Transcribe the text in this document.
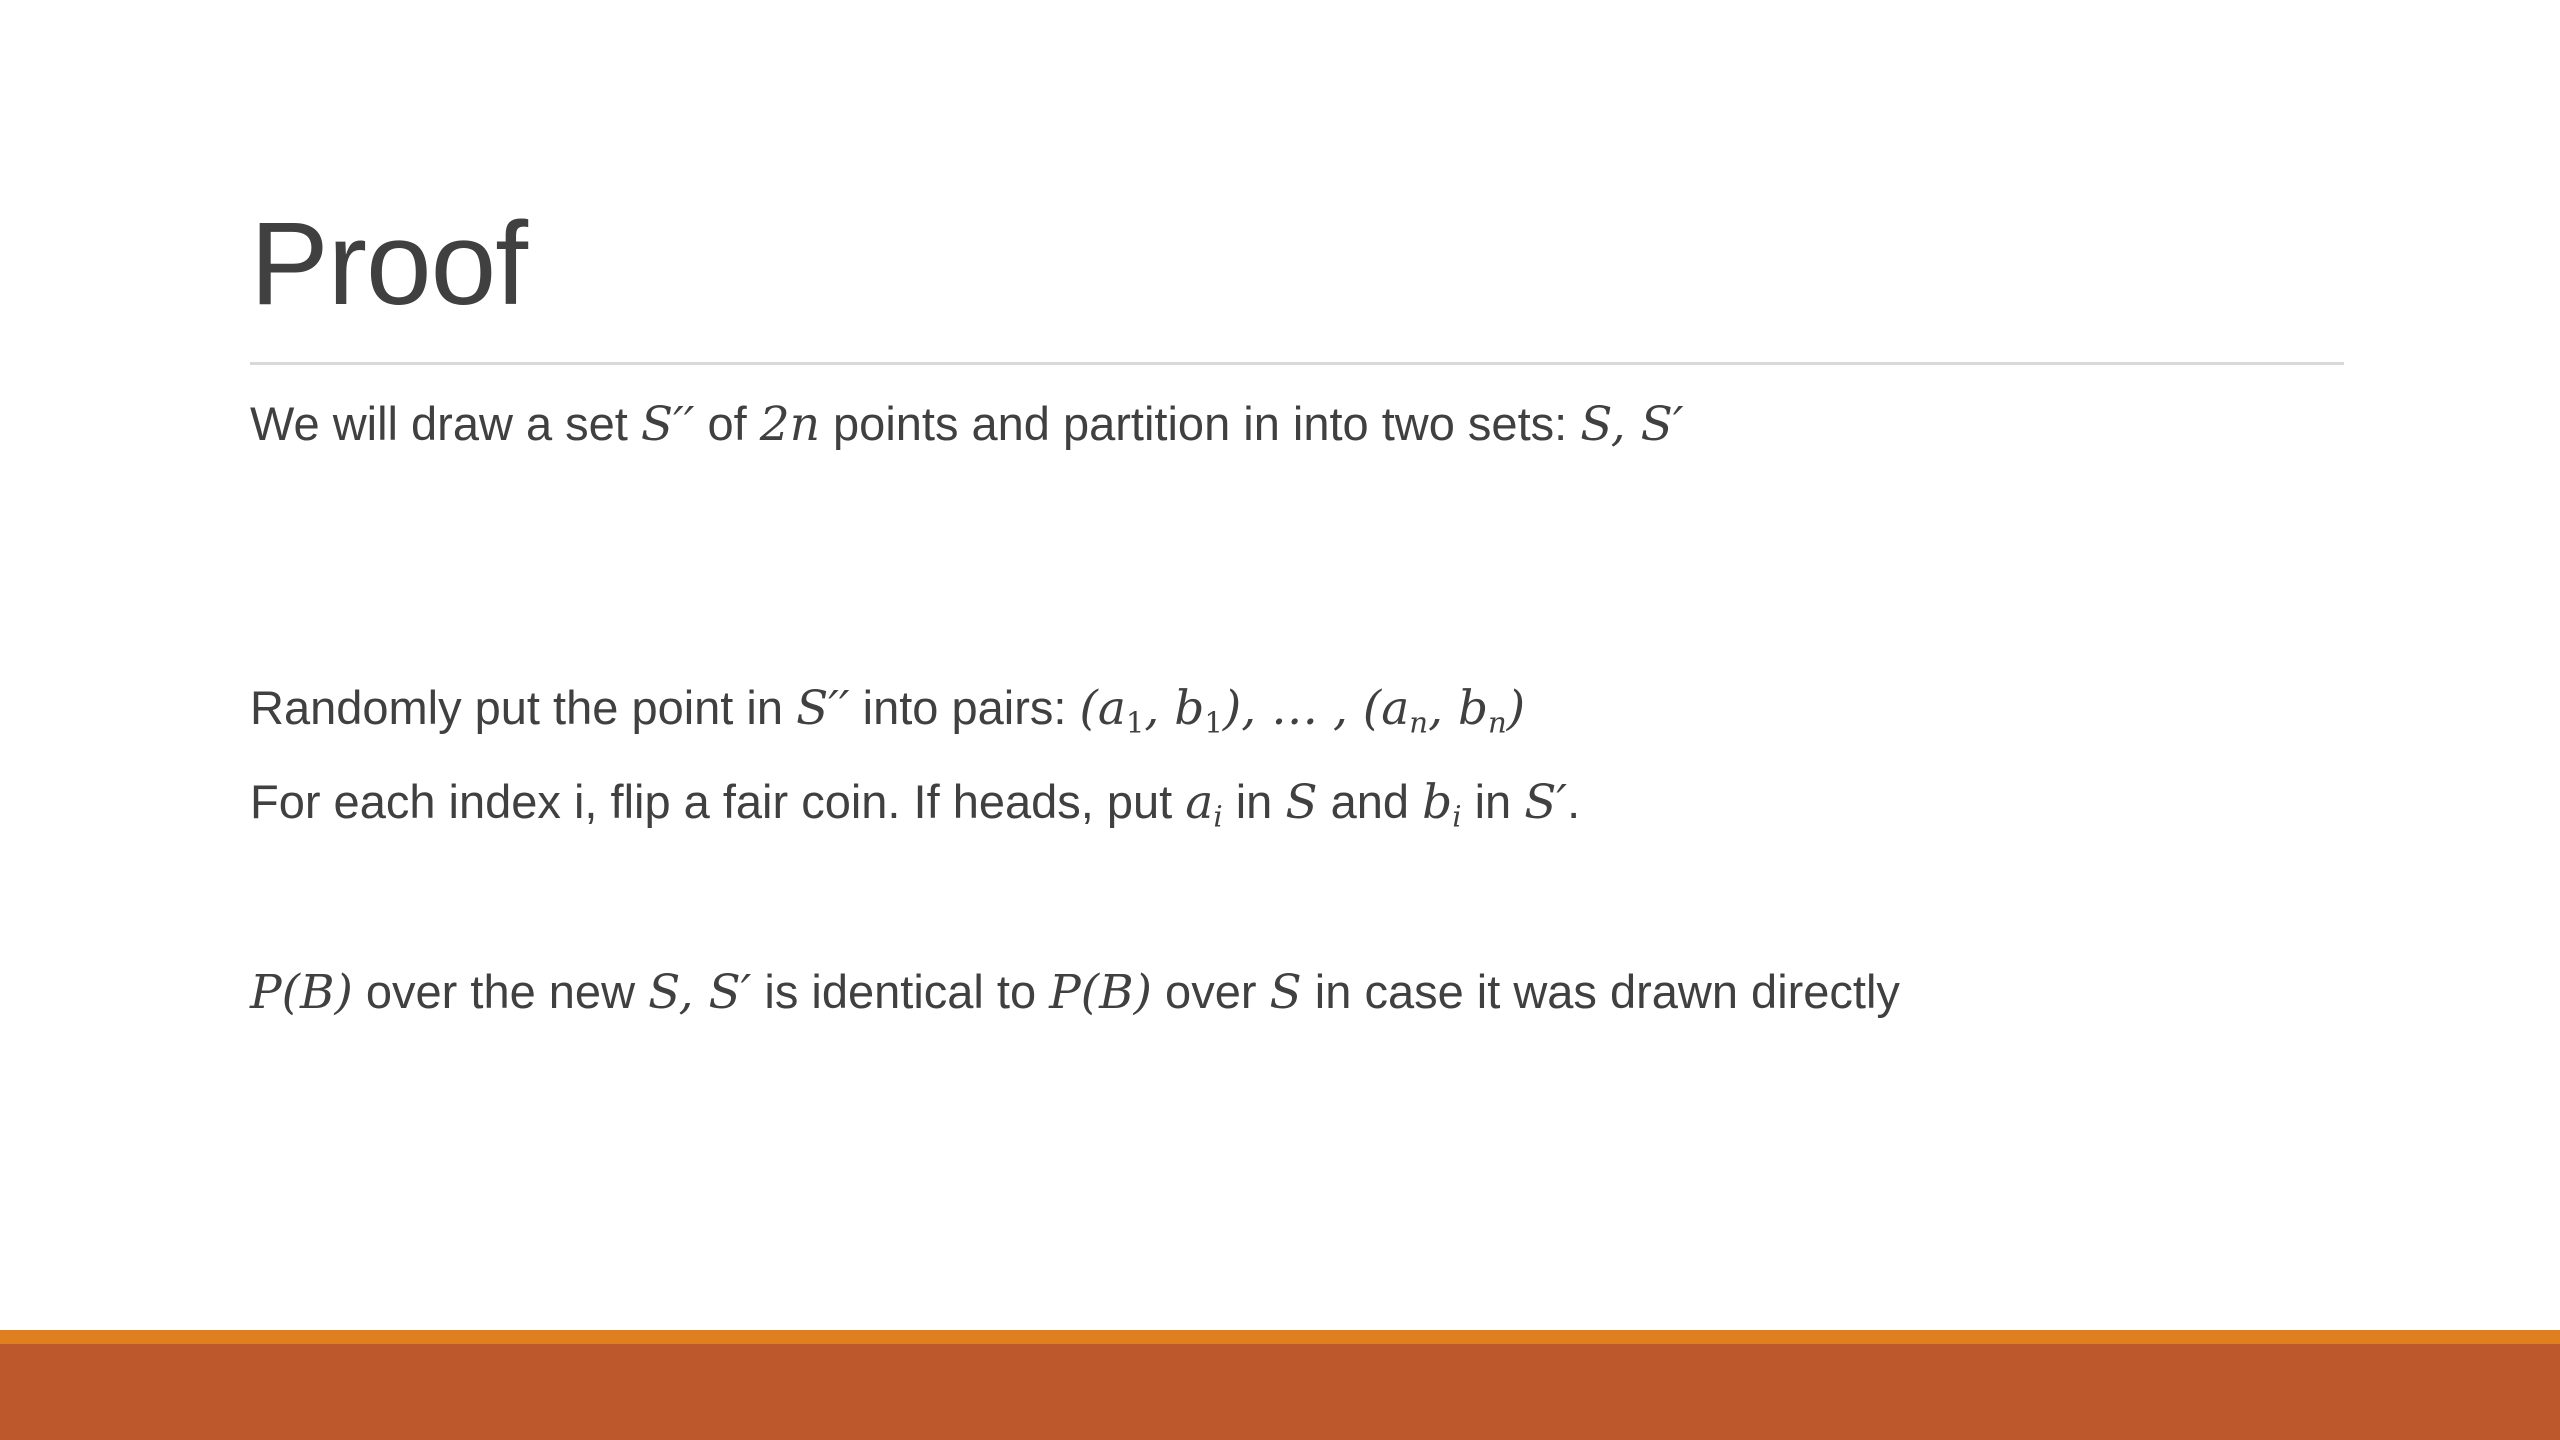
Proof
We will draw a set S′′ of 2n points and partition in into two sets: S, S′
Randomly put the point in S′′ into pairs: ($a_1$, $b_1$), … , ($a_n$, $b_n$)
For each index i, flip a fair coin. If heads, put $a_i$ in S and $b_i$ in S′.
P(B) over the new S, S′ is identical to P(B) over S in case it was drawn directly
